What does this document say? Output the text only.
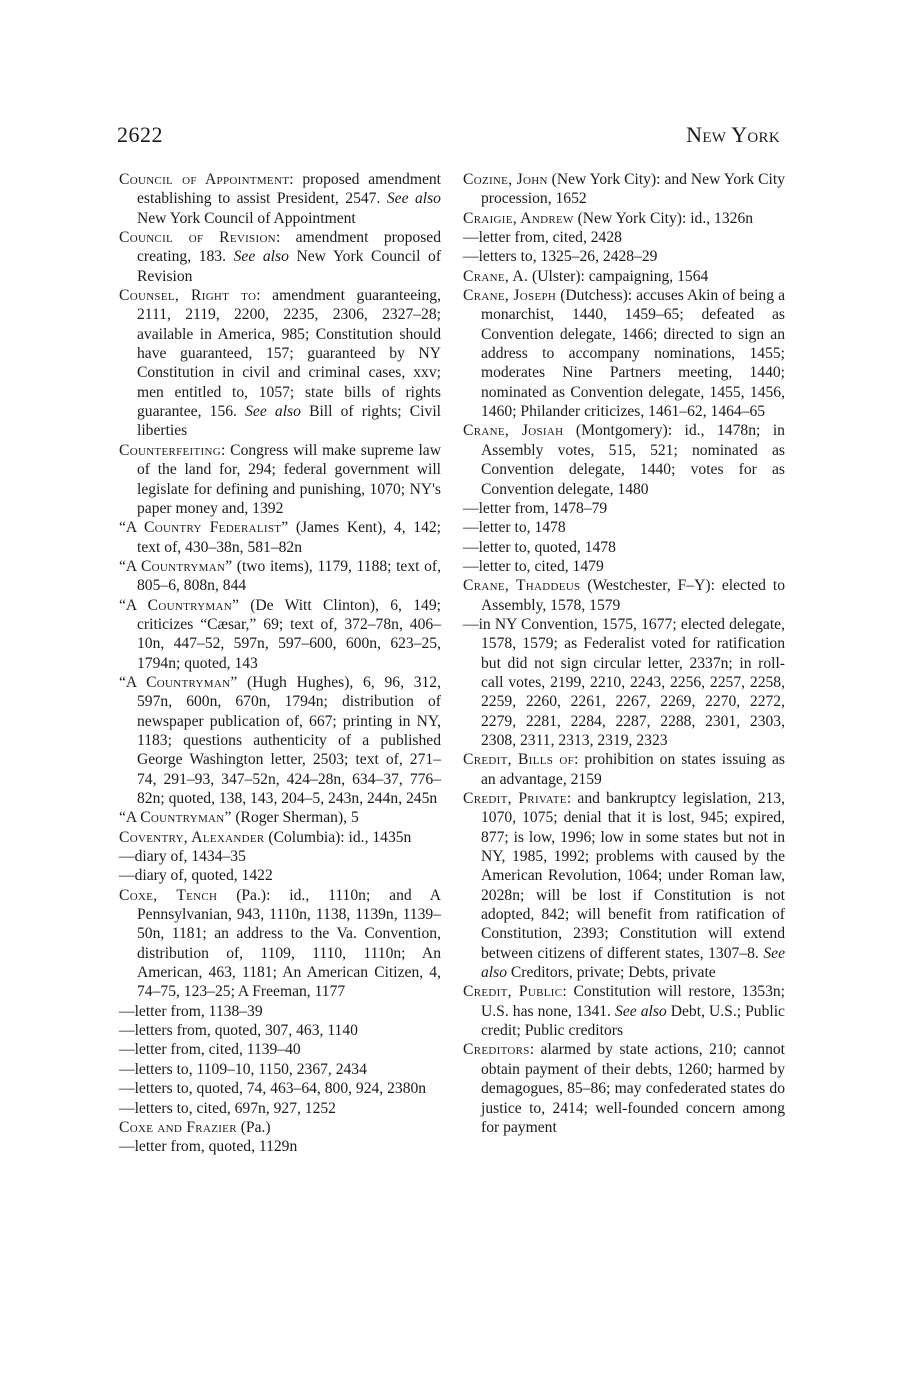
2622	New York

Council of Appointment: proposed amendment establishing to assist President, 2547. See also New York Council of Appointment

Council of Revision: amendment proposed creating, 183. See also New York Council of Revision

Counsel, Right to: amendment guaranteeing, 2111, 2119, 2200, 2235, 2306, 2327–28; available in America, 985; Constitution should have guaranteed, 157; guaranteed by NY Constitution in civil and criminal cases, xxv; men entitled to, 1057; state bills of rights guarantee, 156. See also Bill of rights; Civil liberties

Counterfeiting: Congress will make supreme law of the land for, 294; federal government will legislate for defining and punishing, 1070; NY's paper money and, 1392

“A Country Federalist” (James Kent), 4, 142; text of, 430–38n, 581–82n

“A Countryman” (two items), 1179, 1188; text of, 805–6, 808n, 844

“A Countryman” (De Witt Clinton), 6, 149; criticizes “Cæsar,” 69; text of, 372–78n, 406–10n, 447–52, 597n, 597–600, 600n, 623–25, 1794n; quoted, 143

“A Countryman” (Hugh Hughes), 6, 96, 312, 597n, 600n, 670n, 1794n; distribution of newspaper publication of, 667; printing in NY, 1183; questions authenticity of a published George Washington letter, 2503; text of, 271–74, 291–93, 347–52n, 424–28n, 634–37, 776–82n; quoted, 138, 143, 204–5, 243n, 244n, 245n

“A Countryman” (Roger Sherman), 5

Coventry, Alexander (Columbia): id., 1435n

—diary of, 1434–35

—diary of, quoted, 1422

Coxe, Tench (Pa.): id., 1110n; and A Pennsylvanian, 943, 1110n, 1138, 1139n, 1139–50n, 1181; an address to the Va. Convention, distribution of, 1109, 1110, 1110n; An American, 463, 1181; An American Citizen, 4, 74–75, 123–25; A Freeman, 1177

—letter from, 1138–39

—letters from, quoted, 307, 463, 1140

—letter from, cited, 1139–40

—letters to, 1109–10, 1150, 2367, 2434

—letters to, quoted, 74, 463–64, 800, 924, 2380n

—letters to, cited, 697n, 927, 1252

Coxe and Frazier (Pa.)

—letter from, quoted, 1129n

Cozine, John (New York City): and New York City procession, 1652

Craigie, Andrew (New York City): id., 1326n

—letter from, cited, 2428

—letters to, 1325–26, 2428–29

Crane, A. (Ulster): campaigning, 1564

Crane, Joseph (Dutchess): accuses Akin of being a monarchist, 1440, 1459–65; defeated as Convention delegate, 1466; directed to sign an address to accompany nominations, 1455; moderates Nine Partners meeting, 1440; nominated as Convention delegate, 1455, 1456, 1460; Philander criticizes, 1461–62, 1464–65

Crane, Josiah (Montgomery): id., 1478n; in Assembly votes, 515, 521; nominated as Convention delegate, 1440; votes for as Convention delegate, 1480

—letter from, 1478–79

—letter to, 1478

—letter to, quoted, 1478

—letter to, cited, 1479

Crane, Thaddeus (Westchester, F–Y): elected to Assembly, 1578, 1579

—in NY Convention, 1575, 1677; elected delegate, 1578, 1579; as Federalist voted for ratification but did not sign circular letter, 2337n; in roll-call votes, 2199, 2210, 2243, 2256, 2257, 2258, 2259, 2260, 2261, 2267, 2269, 2270, 2272, 2279, 2281, 2284, 2287, 2288, 2301, 2303, 2308, 2311, 2313, 2319, 2323

Credit, Bills of: prohibition on states issuing as an advantage, 2159

Credit, Private: and bankruptcy legislation, 213, 1070, 1075; denial that it is lost, 945; expired, 877; is low, 1996; low in some states but not in NY, 1985, 1992; problems with caused by the American Revolution, 1064; under Roman law, 2028n; will be lost if Constitution is not adopted, 842; will benefit from ratification of Constitution, 2393; Constitution will extend between citizens of different states, 1307–8. See also Creditors, private; Debts, private

Credit, Public: Constitution will restore, 1353n; U.S. has none, 1341. See also Debt, U.S.; Public credit; Public creditors

Creditors: alarmed by state actions, 210; cannot obtain payment of their debts, 1260; harmed by demagogues, 85–86; may confederated states do justice to, 2414; well-founded concern among for payment
